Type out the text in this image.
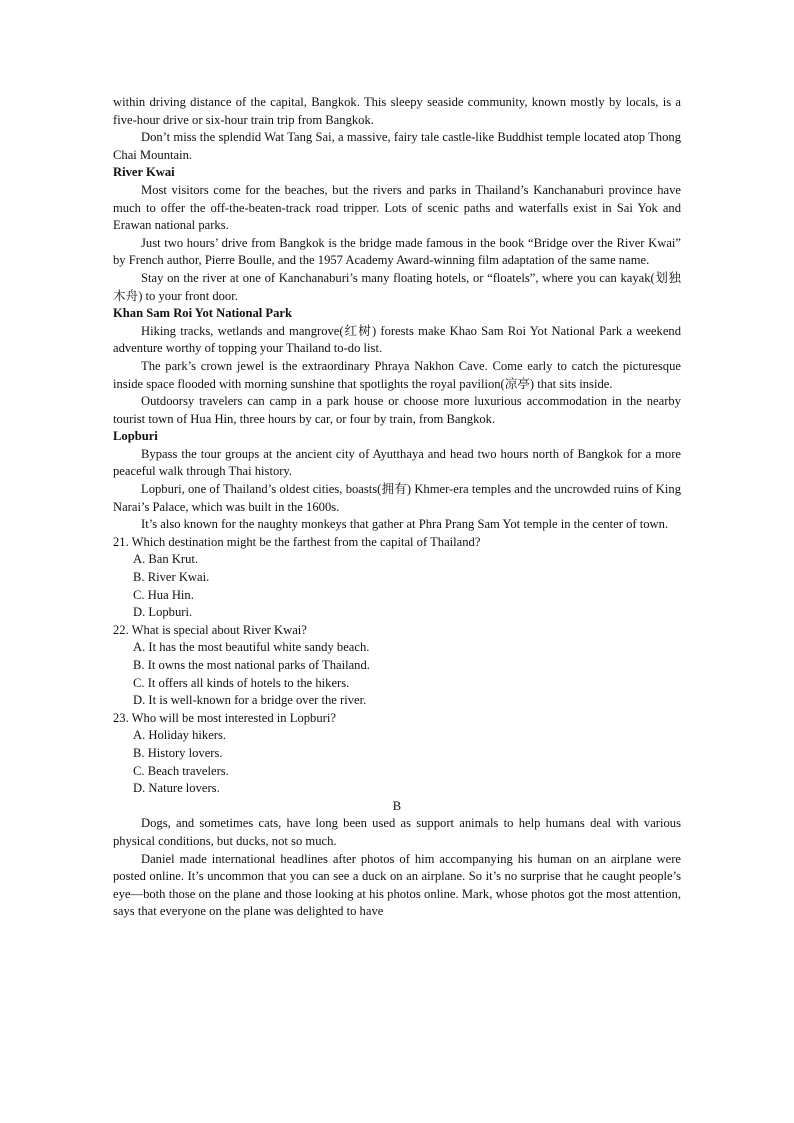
within driving distance of the capital, Bangkok. This sleepy seaside community, known mostly by locals, is a five-hour drive or six-hour train trip from Bangkok.

Don’t miss the splendid Wat Tang Sai, a massive, fairy tale castle-like Buddhist temple located atop Thong Chai Mountain.

River Kwai

Most visitors come for the beaches, but the rivers and parks in Thailand’s Kanchanaburi province have much to offer the off-the-beaten-track road tripper. Lots of scenic paths and waterfalls exist in Sai Yok and Erawan national parks.

Just two hours’ drive from Bangkok is the bridge made famous in the book “Bridge over the River Kwai” by French author, Pierre Boulle, and the 1957 Academy Award-winning film adaptation of the same name.

Stay on the river at one of Kanchanaburi’s many floating hotels, or “floatels”, where you can kayak(划独木舟) to your front door.

Khan Sam Roi Yot National Park

Hiking tracks, wetlands and mangrove(红树) forests make Khao Sam Roi Yot National Park a weekend adventure worthy of topping your Thailand to-do list.

The park’s crown jewel is the extraordinary Phraya Nakhon Cave. Come early to catch the picturesque inside space flooded with morning sunshine that spotlights the royal pavilion(凉亭) that sits inside.

Outdoorsy travelers can camp in a park house or choose more luxurious accommodation in the nearby tourist town of Hua Hin, three hours by car, or four by train, from Bangkok.

Lopburi

Bypass the tour groups at the ancient city of Ayutthaya and head two hours north of Bangkok for a more peaceful walk through Thai history.

Lopburi, one of Thailand’s oldest cities, boasts(拥有) Khmer-era temples and the uncrowded ruins of King Narai’s Palace, which was built in the 1600s.

It’s also known for the naughty monkeys that gather at Phra Prang Sam Yot temple in the center of town.

21. Which destination might be the farthest from the capital of Thailand?

A. Ban Krut.

B. River Kwai.

C. Hua Hin.

D. Lopburi.

22. What is special about River Kwai?

A. It has the most beautiful white sandy beach.

B. It owns the most national parks of Thailand.

C. It offers all kinds of hotels to the hikers.

D. It is well-known for a bridge over the river.

23. Who will be most interested in Lopburi?

A. Holiday hikers.

B. History lovers.

C. Beach travelers.

D. Nature lovers.

B

Dogs, and sometimes cats, have long been used as support animals to help humans deal with various physical conditions, but ducks, not so much.

Daniel made international headlines after photos of him accompanying his human on an airplane were posted online. It’s uncommon that you can see a duck on an airplane. So it’s no surprise that he caught people’s eye—both those on the plane and those looking at his photos online. Mark, whose photos got the most attention, says that everyone on the plane was delighted to have
